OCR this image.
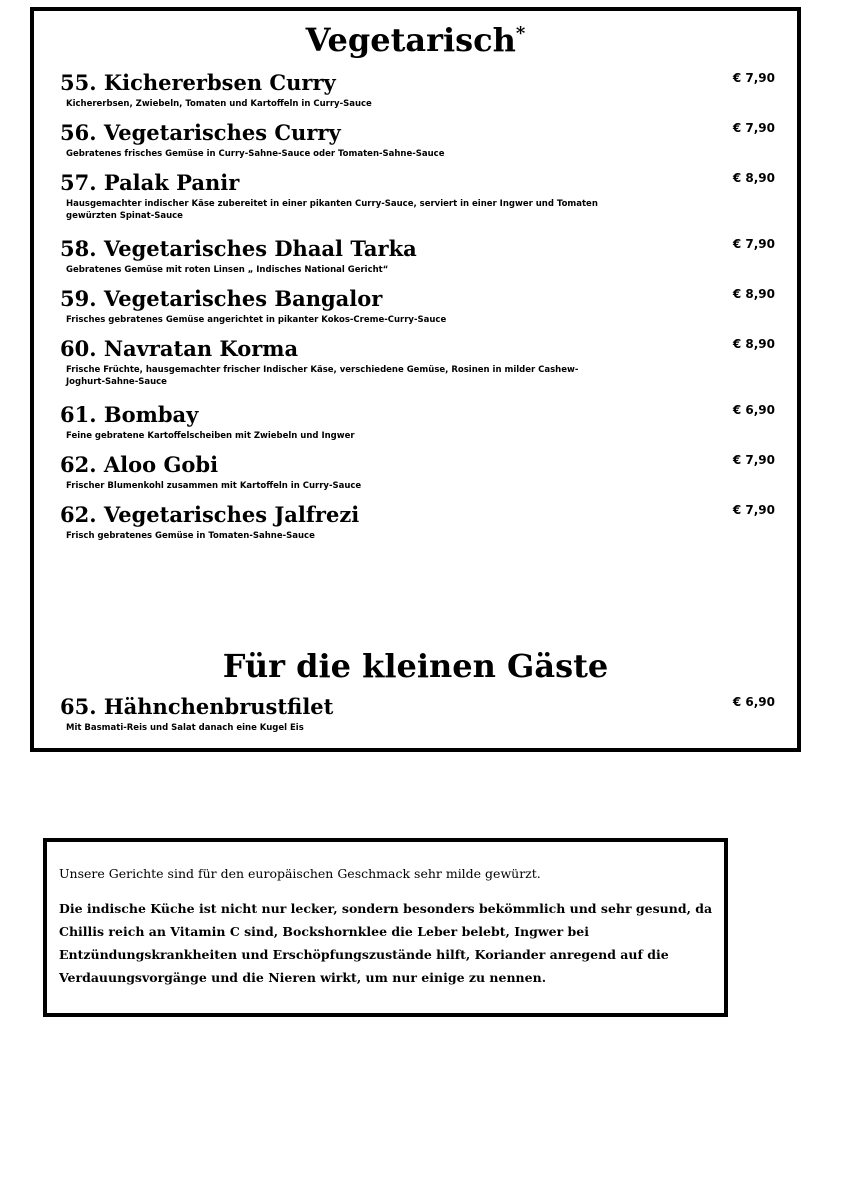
Vegetarisch*
55. Kichererbsen Curry
Kichererbsen, Zwiebeln, Tomaten und Kartoffeln in Curry-Sauce
€ 7,90
56. Vegetarisches Curry
Gebratenes frisches Gemüse in Curry-Sahne-Sauce oder Tomaten-Sahne-Sauce
€ 7,90
57. Palak Panir
Hausgemachter indischer Käse zubereitet in einer pikanten Curry-Sauce, serviert in einer Ingwer und Tomaten gewürzten Spinat-Sauce
€ 8,90
58. Vegetarisches Dhaal Tarka
Gebratenes Gemüse mit roten Linsen „ Indisches National Gericht“
€ 7,90
59. Vegetarisches Bangalor
Frisches gebratenes Gemüse angerichtet in pikanter Kokos-Creme-Curry-Sauce
€ 8,90
60. Navratan Korma
Frische Früchte, hausgemachter frischer Indischer Käse, verschiedene Gemüse, Rosinen in milder Cashew-Joghurt-Sahne-Sauce
€ 8,90
61. Bombay
Feine gebratene Kartoffelscheiben mit Zwiebeln und Ingwer
€ 6,90
62. Aloo Gobi
Frischer Blumenkohl zusammen mit Kartoffeln in Curry-Sauce
€ 7,90
62. Vegetarisches Jalfrezi
Frisch gebratenes Gemüse in Tomaten-Sahne-Sauce
€ 7,90
Für die kleinen Gäste
65. Hähnchenbrustfilet
Mit Basmati-Reis und Salat danach eine Kugel Eis
€ 6,90

Unsere Gerichte sind für den europäischen Geschmack sehr milde gewürzt.

Die indische Küche ist nicht nur lecker, sondern besonders bekömmlich und sehr gesund, da Chillis reich an Vitamin C sind, Bockshornklee die Leber belebt, Ingwer bei Entzündungskrankheiten und Erschöpfungszustände hilft, Koriander anregend auf die Verdauungsvorgänge und die Nieren wirkt, um nur einige zu nennen.
